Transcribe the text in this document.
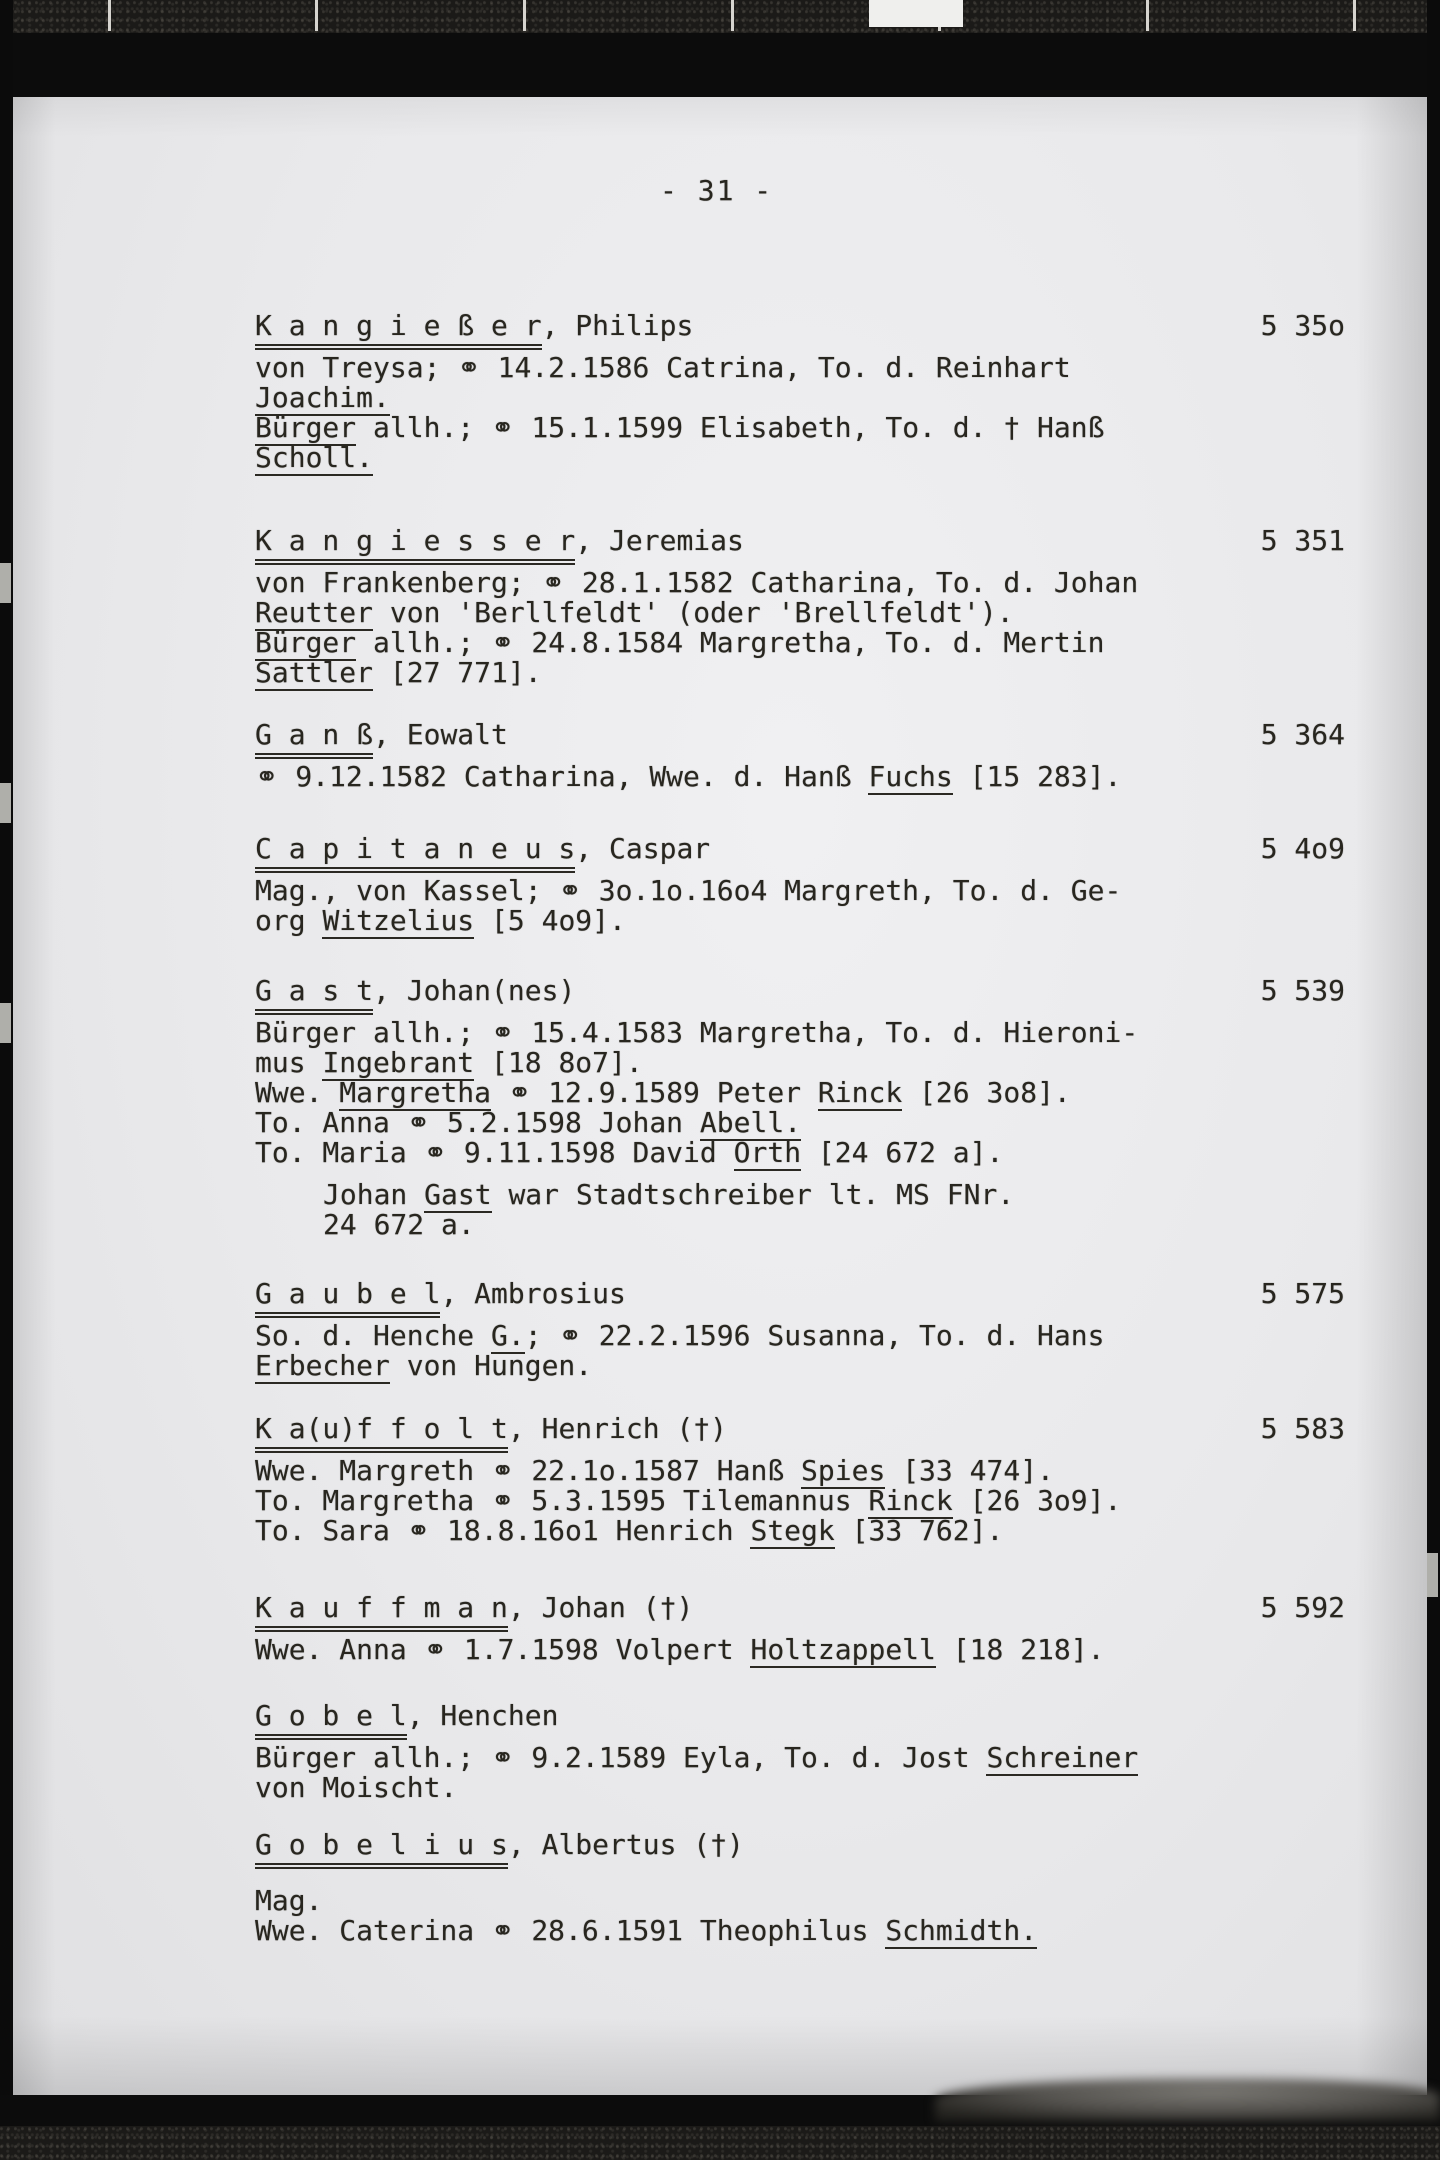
- 31 -
K a n g i e ß e r, Philips	5 35o
von Treysa; ⚭ 14.2.1586 Catrina, To. d. Reinhart
Joachim.
Bürger allh.; ⚭ 15.1.1599 Elisabeth, To. d. † Hanß
Scholl.
K a n g i e s s e r, Jeremias	5 351
von Frankenberg; ⚭ 28.1.1582 Catharina, To. d. Johan
Reutter von 'Berllfeldt' (oder 'Brellfeldt').
Bürger allh.; ⚭ 24.8.1584 Margretha, To. d. Mertin
Sattler [27 771].
G a n ß, Eowalt	5 364
⚭ 9.12.1582 Catharina, Wwe. d. Hanß Fuchs [15 283].
C a p i t a n e u s, Caspar	5 4o9
Mag., von Kassel; ⚭ 3o.1o.16o4 Margreth, To. d. Ge-
org Witzelius [5 4o9].
G a s t, Johan(nes)	5 539
Bürger allh.; ⚭ 15.4.1583 Margretha, To. d. Hieroni-
mus Ingebrant [18 8o7].
Wwe. Margretha ⚭ 12.9.1589 Peter Rinck [26 3o8].
To. Anna ⚭ 5.2.1598 Johan Abell.
To. Maria ⚭ 9.11.1598 David Orth [24 672 a].
Johan Gast war Stadtschreiber lt. MS FNr.
24 672 a.
G a u b e l, Ambrosius	5 575
So. d. Henche G.; ⚭ 22.2.1596 Susanna, To. d. Hans
Erbecher von Hungen.
K a(u)f f o l t, Henrich (†)	5 583
Wwe. Margreth ⚭ 22.1o.1587 Hanß Spies [33 474].
To. Margretha ⚭ 5.3.1595 Tilemannus Rinck [26 3o9].
To. Sara ⚭ 18.8.16o1 Henrich Stegk [33 762].
K a u f f m a n, Johan (†)	5 592
Wwe. Anna ⚭ 1.7.1598 Volpert Holtzappell [18 218].
G o b e l, Henchen
Bürger allh.; ⚭ 9.2.1589 Eyla, To. d. Jost Schreiner
von Moischt.
G o b e l i u s, Albertus (†)
Mag.
Wwe. Caterina ⚭ 28.6.1591 Theophilus Schmidth.
